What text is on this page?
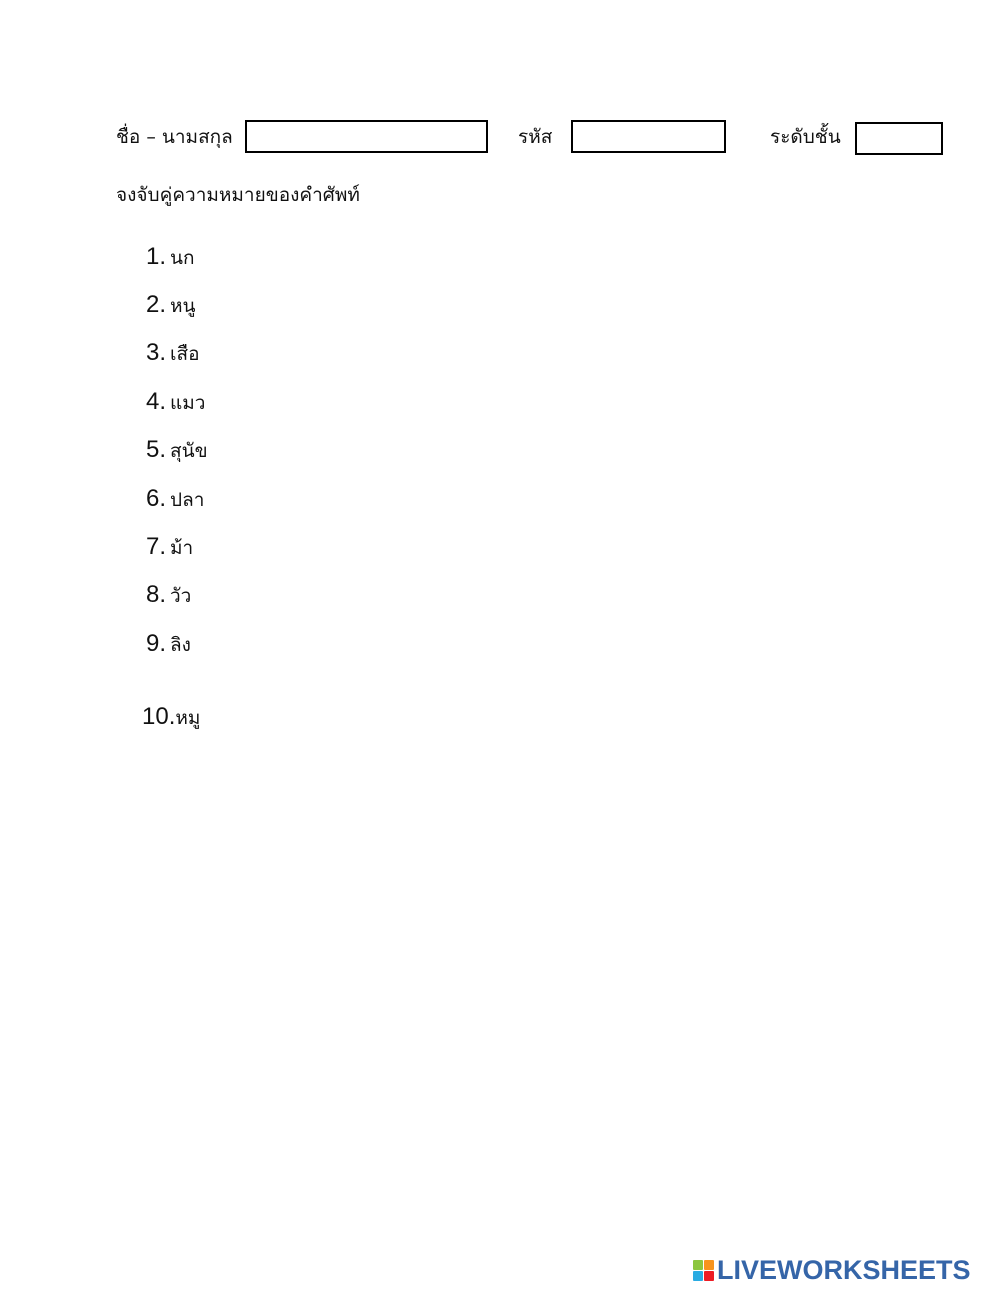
ชื่อ – นามสกุล	รหัส	ระดับชั้น
จงจับคู่ความหมายของคำศัพท์
1. นก
2. หนู
3. เสือ
4. แมว
5. สุนัข
6. ปลา
7. ม้า
8. วัว
9. ลิง
10.หมู
LIVEWORKSHEETS
